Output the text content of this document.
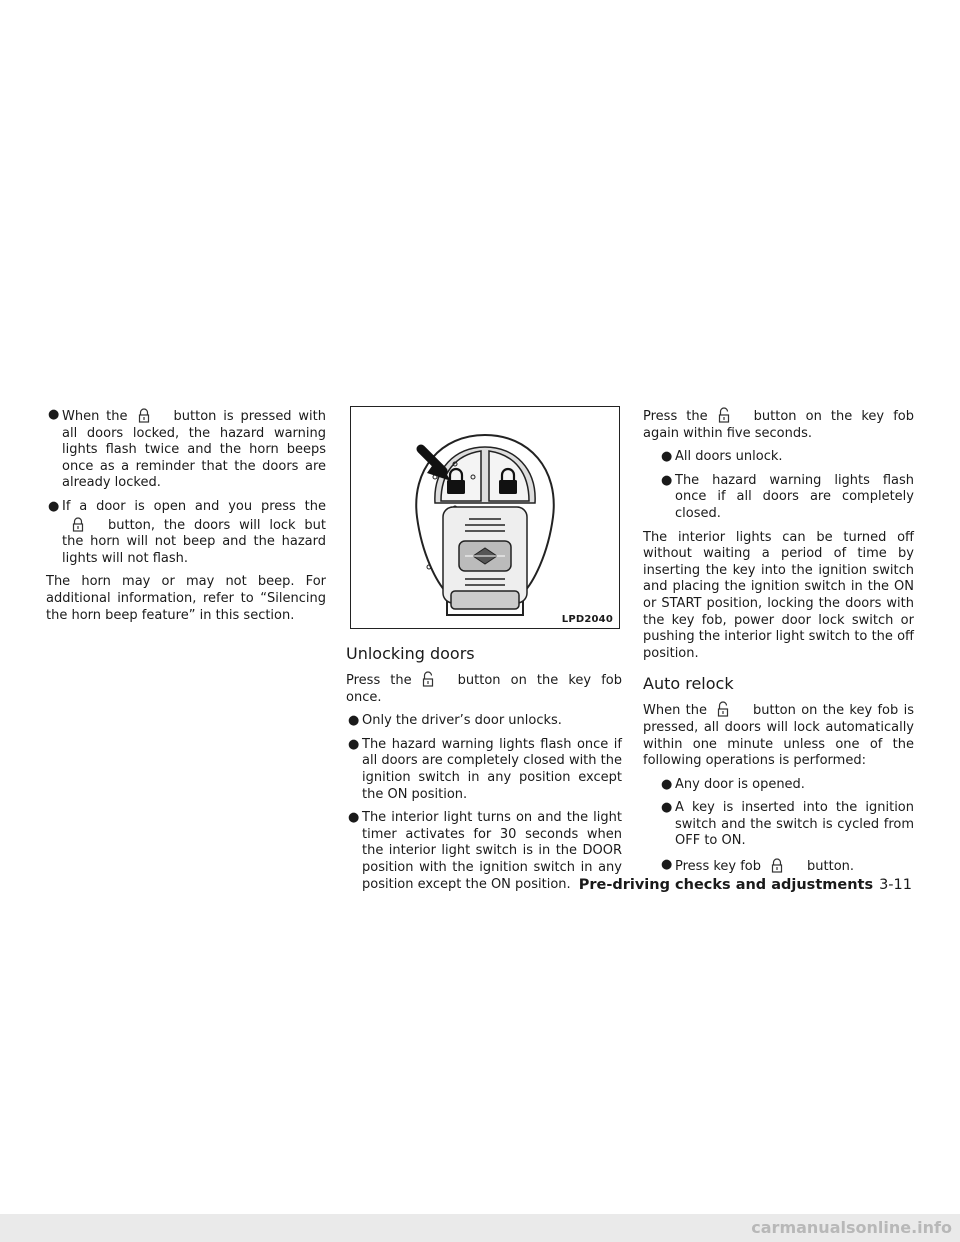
● When the	button is pressed with all doors locked, the hazard warning lights flash twice and the horn beeps once as a reminder that the doors are already locked.
● If a door is open and you press the
button, the doors will lock but the horn will not beep and the hazard lights will not flash.

The horn may or may not beep. For additional information, refer to “Silencing the horn beep feature” in this section.	LPD2040
Unlocking doors

Press the	button on the key fob once.

● Only the driver’s door unlocks.
● The hazard warning lights flash once if all doors are completely closed with the ignition switch in any position except the ON position.
● The interior light turns on and the light timer activates for 30 seconds when the interior light switch is in the DOOR position with the ignition switch in any position except the ON position.

Press the	button on the key fob again within five seconds.

● All doors unlock.
● The hazard warning lights flash once if all doors are completely closed.

The interior lights can be turned off without waiting a period of time by inserting the key into the ignition switch and placing the ignition switch in the ON or START position, locking the doors with the key fob, power door lock switch or pushing the interior light switch to the off position.

Auto relock

When the	button on the key fob is pressed, all doors will lock automatically within one minute unless one of the following operations is performed:

● Any door is opened.
● A key is inserted into the ignition switch and the switch is cycled from OFF to ON.
● Press key fob	button.
Pre-driving checks and adjustments 3-11
carmanualsonline.info
